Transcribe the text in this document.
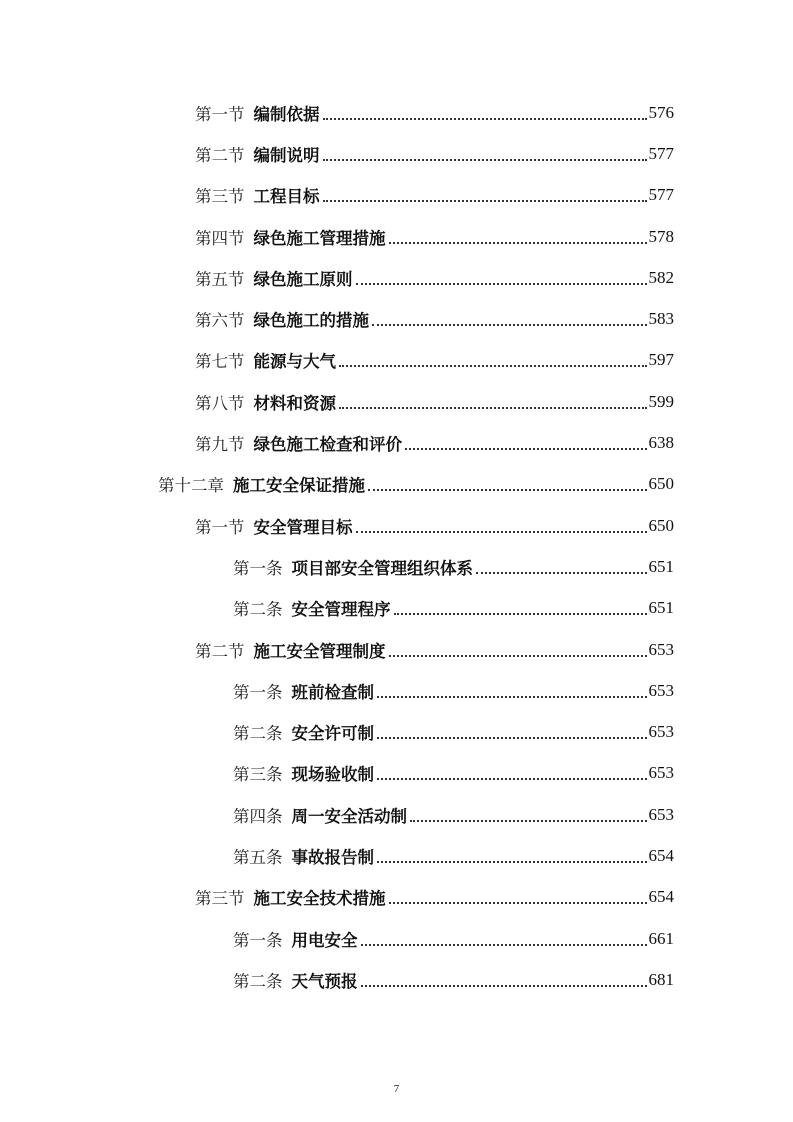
第一节 编制依据	576
第二节 编制说明	577
第三节 工程目标	577
第四节 绿色施工管理措施	578
第五节 绿色施工原则	582
第六节 绿色施工的措施	583
第七节 能源与大气	597
第八节 材料和资源	599
第九节 绿色施工检查和评价	638
第十二章 施工安全保证措施	650
第一节 安全管理目标	650
第一条 项目部安全管理组织体系	651
第二条 安全管理程序	651
第二节 施工安全管理制度	653
第一条 班前检查制	653
第二条 安全许可制	653
第三条 现场验收制	653
第四条 周一安全活动制	653
第五条 事故报告制	654
第三节 施工安全技术措施	654
第一条 用电安全	661
第二条 天气预报	681
7
